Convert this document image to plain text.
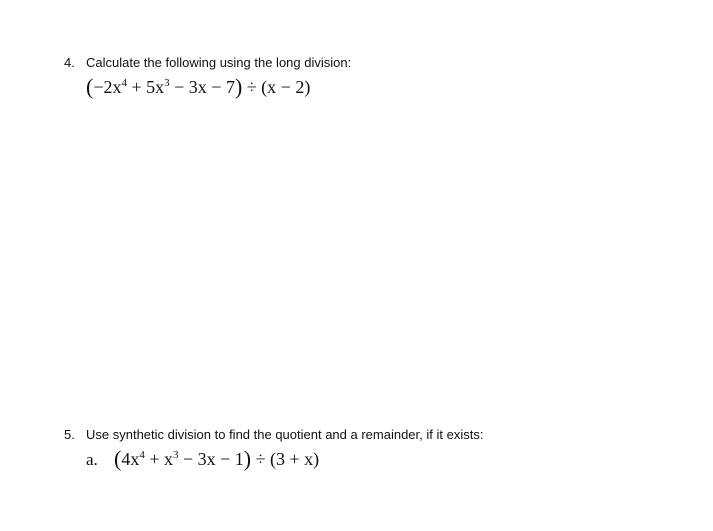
4. Calculate the following using the long division:
$(-2x^4 + 5x^3 - 3x - 7) \div (x - 2)$
5. Use synthetic division to find the quotient and a remainder, if it exists:
a. $(4x^4 + x^3 - 3x - 1) \div (3 + x)$
